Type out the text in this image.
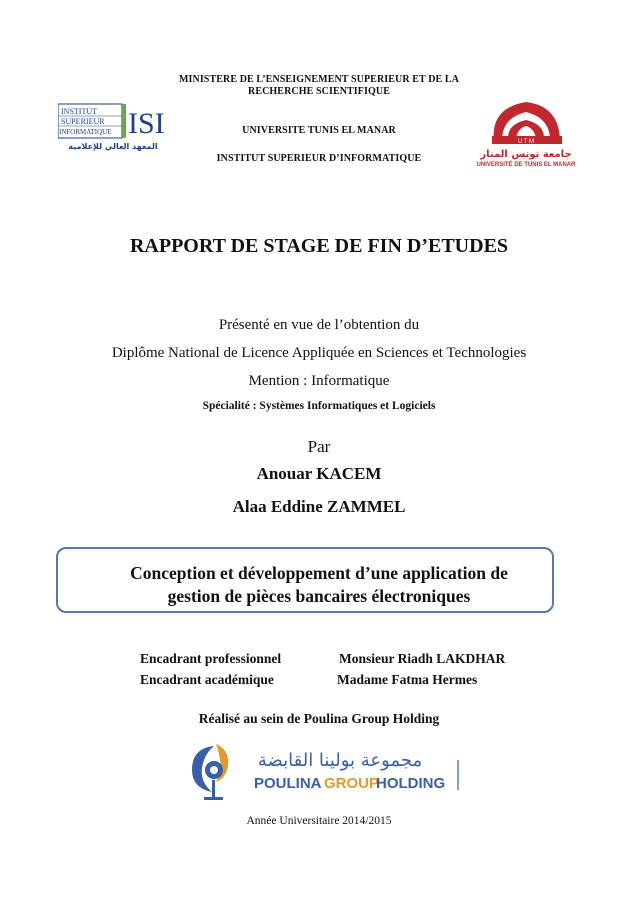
MINISTERE DE L’ENSEIGNEMENT SUPERIEUR ET DE LA
RECHERCHE SCIENTIFIQUE
UNIVERSITE TUNIS EL MANAR
INSTITUT SUPERIEUR D’INFORMATIQUE
INSTITUT
SUPERIEUR
INFORMATIQUE ISI
المعهد العالي للإعلامية	U T M
جامعة تونس المنار
UNIVERSITÉ DE TUNIS EL MANAR
RAPPORT DE STAGE DE FIN D’ETUDES
Présenté en vue de l’obtention du
Diplôme National de Licence Appliquée en Sciences et Technologies
Mention : Informatique
Spécialité : Systèmes Informatiques et Logiciels
Par
Anouar KACEM
Alaa Eddine ZAMMEL
Conception et développement d’une application de
gestion de pièces bancaires électroniques
Encadrant professionnel	Monsieur Riadh LAKDHAR
Encadrant académique	Madame Fatma Hermes
Réalisé au sein de Poulina Group Holding
مجموعة بولينا القابضة
POULINA GROUP
HOLDING
Année Universitaire 2014/2015
